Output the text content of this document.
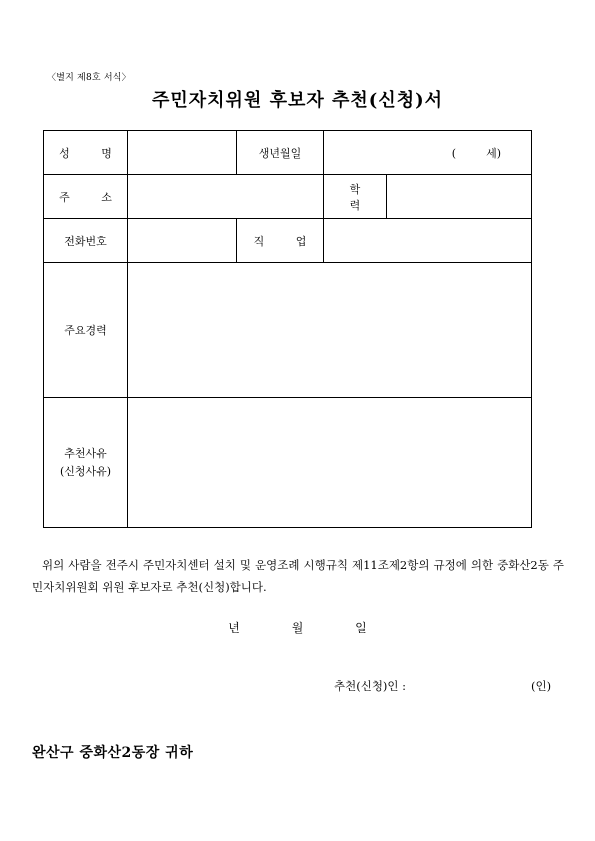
〈별지 제8호 서식〉
주민자치위원 후보자 추천(신청)서
성 명		생년월일	(세)	
주 소			학 력	
전화번호		직 업		
주요경력				

추천사유
(신청사유)				

위의 사람을 전주시 주민자치센터 설치 및 운영조례 시행규칙 제11조제2항의 규정에 의한 중화산2동 주민자치위원회 위원 후보자로 추천(신청)합니다.
년	월	일
추천(신청)인 :	(인)
완산구 중화산2동장 귀하
